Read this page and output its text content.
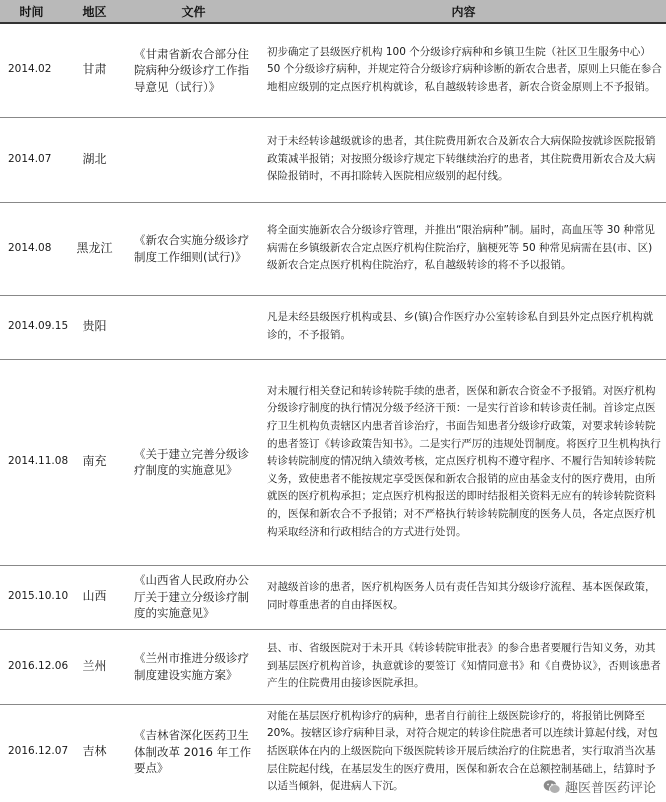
时间	地区	文件	内容
2014.02	甘肃	《甘肃省新农合部分住院病种分级诊疗工作指导意见（试行）》	初步确定了县级医疗机构 100 个分级诊疗病种和乡镇卫生院（社区卫生服务中心）50 个分级诊疗病种，并规定符合分级诊疗病种诊断的新农合患者，原则上只能在参合地相应级别的定点医疗机构就诊，私自越级转诊患者，新农合资金原则上不予报销。
2014.07	湖北		对于未经转诊越级就诊的患者，其住院费用新农合及新农合大病保险按就诊医院报销政策减半报销；对按照分级诊疗规定下转继续治疗的患者，其住院费用新农合及大病保险报销时，不再扣除转入医院相应级别的起付线。
2014.08	黑龙江	《新农合实施分级诊疗制度工作细则(试行)》	将全面实施新农合分级诊疗管理，并推出“限治病种”制。届时，高血压等 30 种常见病需在乡镇级新农合定点医疗机构住院治疗，脑梗死等 50 种常见病需在县(市、区)级新农合定点医疗机构住院治疗，私自越级转诊的将不予以报销。
2014.09.15	贵阳		凡是未经县级医疗机构或县、乡(镇)合作医疗办公室转诊私自到县外定点医疗机构就诊的，不予报销。
2014.11.08	南充	《关于建立完善分级诊疗制度的实施意见》	对未履行相关登记和转诊转院手续的患者，医保和新农合资金不予报销。对医疗机构分级诊疗制度的执行情况分级予经济干预：一是实行首诊和转诊责任制。首诊定点医疗卫生机构负责辖区内患者首诊治疗，书面告知患者分级诊疗政策，对要求转诊转院的患者签订《转诊政策告知书》。二是实行严厉的违规处罚制度。将医疗卫生机构执行转诊转院制度的情况纳入绩效考核，定点医疗机构不遵守程序、不履行告知转诊转院义务，致使患者不能按规定享受医保和新农合报销的应由基金支付的医疗费用，由所就医的医疗机构承担；定点医疗机构报送的即时结报相关资料无应有的转诊转院资料的，医保和新农合不予报销；对不严格执行转诊转院制度的医务人员，各定点医疗机构采取经济和行政相结合的方式进行处罚。
2015.10.10	山西	《山西省人民政府办公厅关于建立分级诊疗制度的实施意见》	对越级首诊的患者，医疗机构医务人员有责任告知其分级诊疗流程、基本医保政策，同时尊重患者的自由择医权。
2016.12.06	兰州	《兰州市推进分级诊疗制度建设实施方案》	县、市、省级医院对于未开具《转诊转院审批表》的参合患者要履行告知义务，劝其到基层医疗机构首诊，执意就诊的要签订《知情同意书》和《自费协议》，否则该患者产生的住院费用由接诊医院承担。
2016.12.07	吉林	《吉林省深化医药卫生体制改革 2016 年工作要点》	对能在基层医疗机构诊疗的病种，患者自行前往上级医院诊疗的，将报销比例降至 20%。按辖区诊疗病种目录，对符合规定的转诊住院患者可以连续计算起付线，对包括医联体在内的上级医院向下级医院转诊开展后续治疗的住院患者，实行取消当次基层住院起付线，在基层发生的医疗费用，医保和新农合在总额控制基础上，结算时予以适当倾斜，促进病人下沉。	趣医普医药评论
